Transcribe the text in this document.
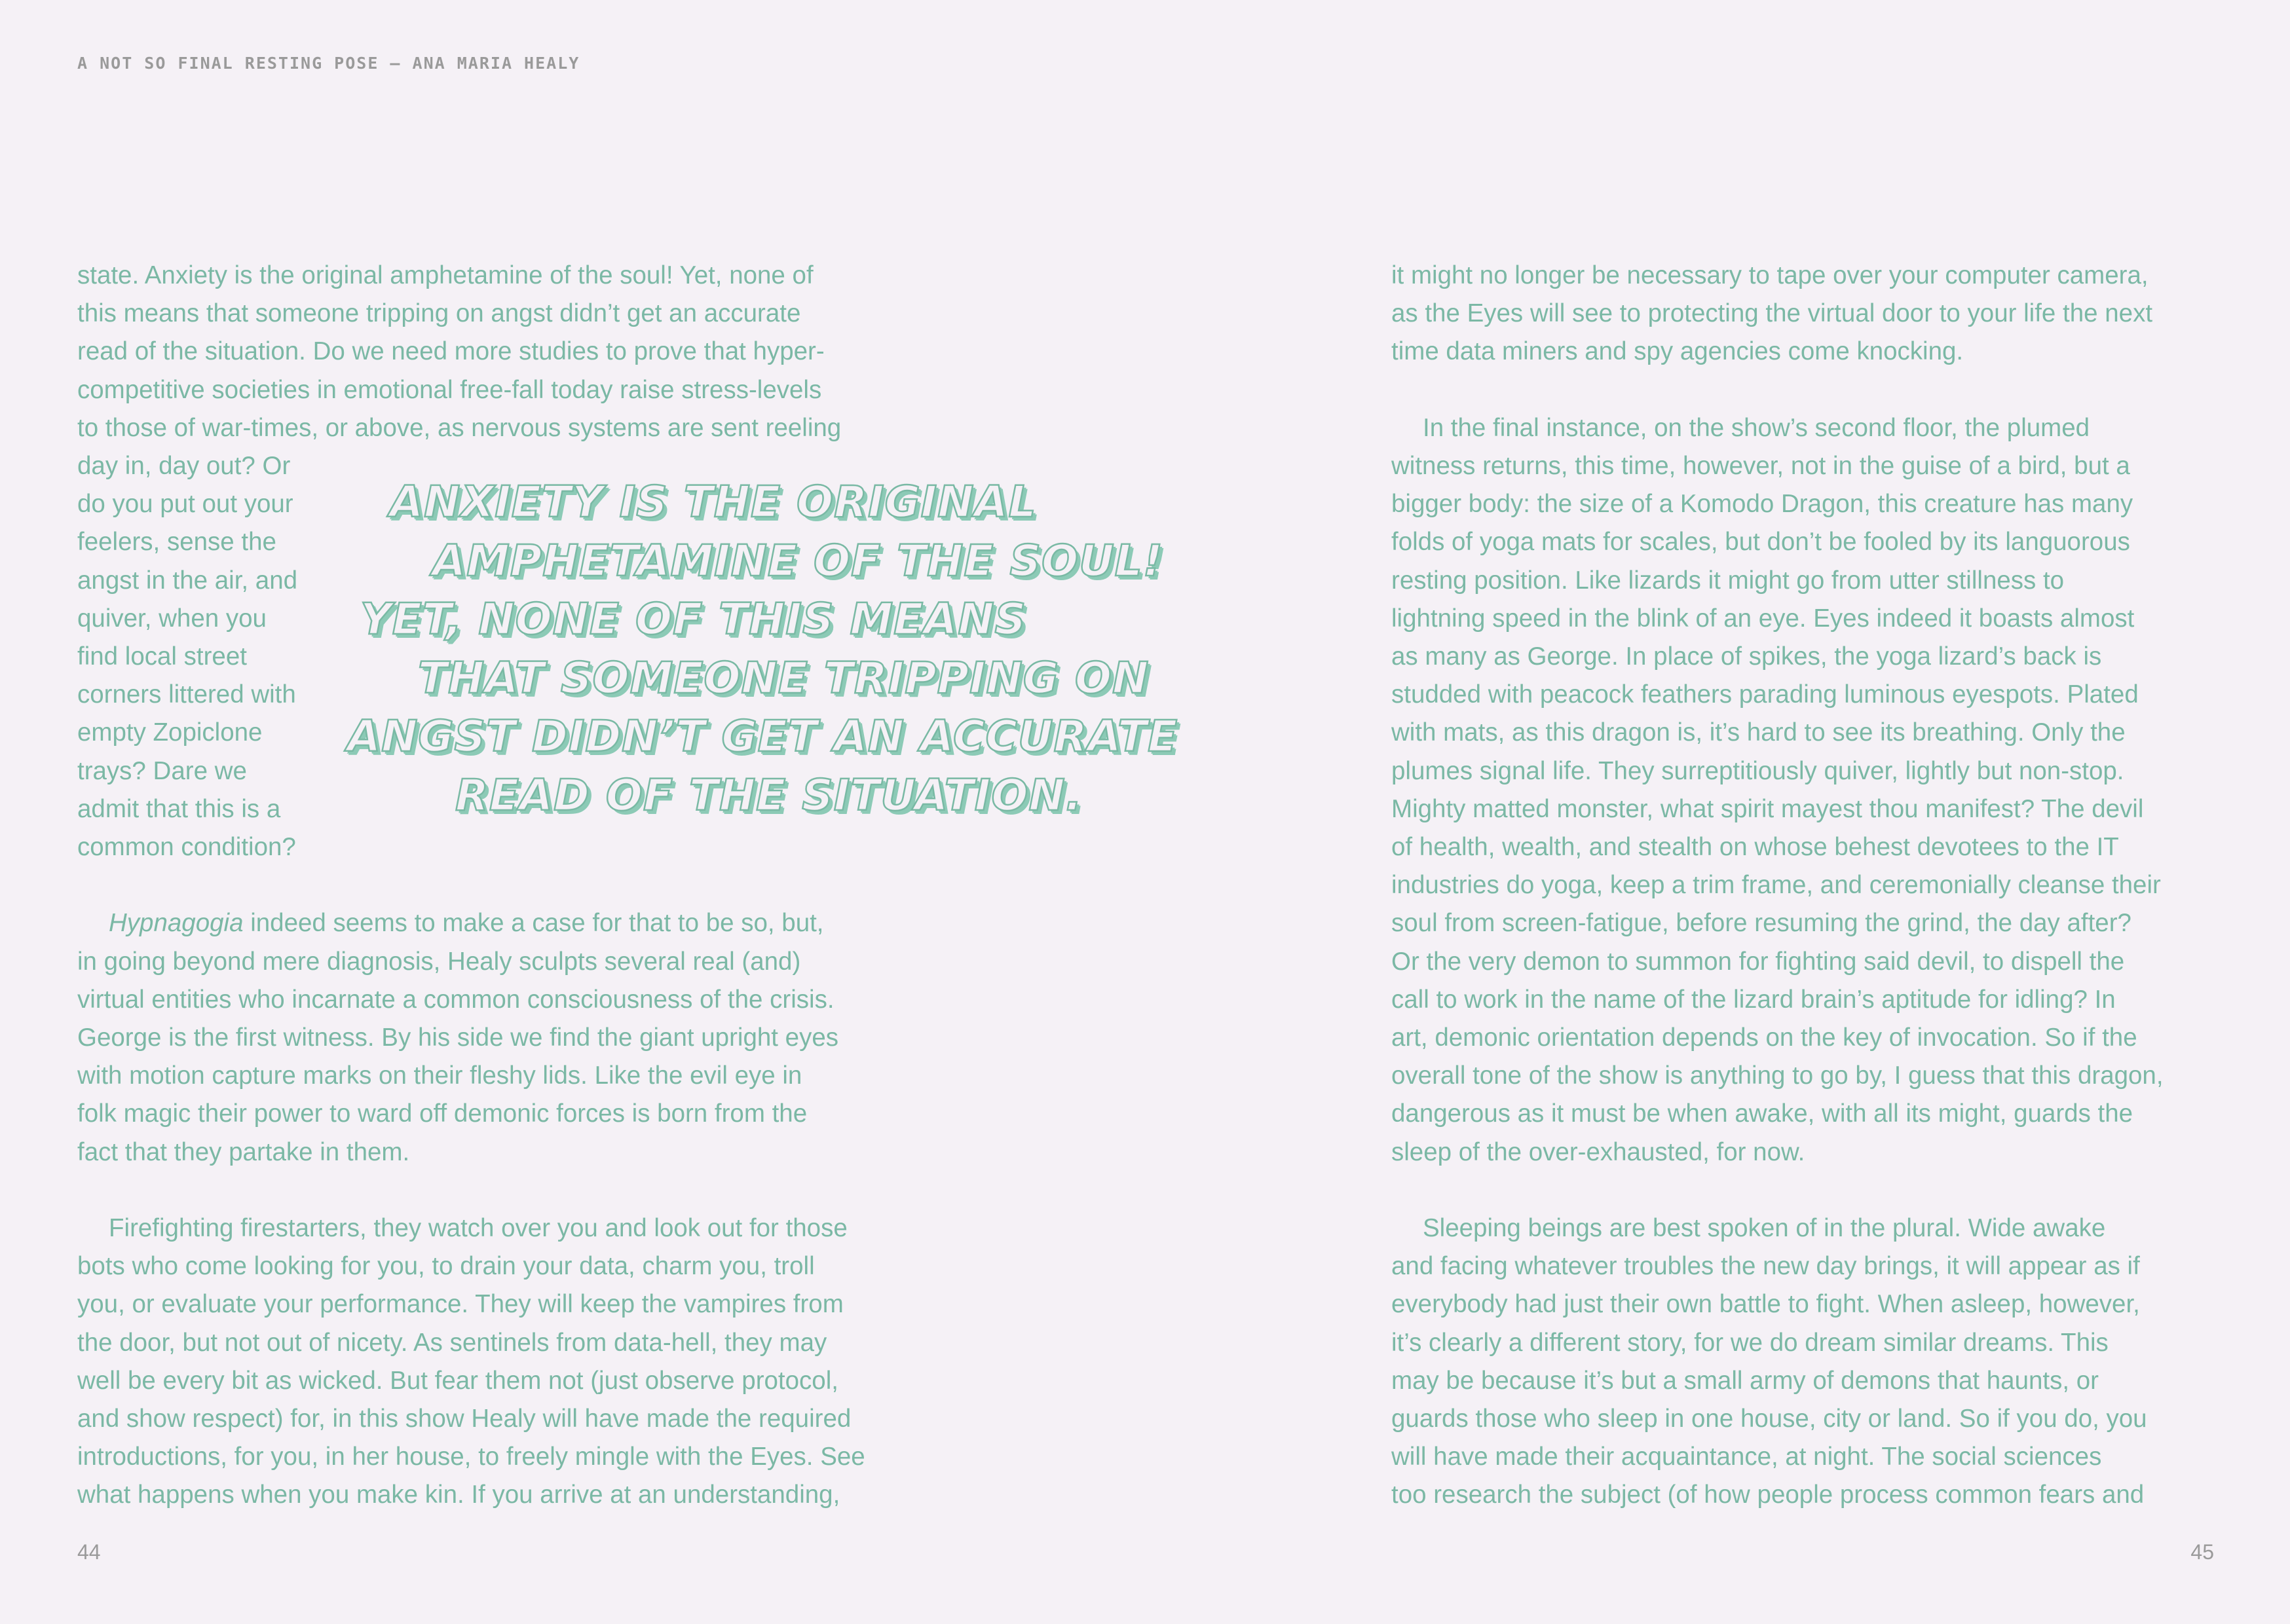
A NOT SO FINAL RESTING POSE – ANA MARIA HEALY
state. Anxiety is the original amphetamine of the soul! Yet, none of
this means that someone tripping on angst didn’t get an accurate
read of the situation. Do we need more studies to prove that hyper-
competitive societies in emotional free-fall today raise stress-levels
to those of war-times, or above, as nervous systems are sent reeling
day in, day out? Or
do you put out your
feelers, sense the
angst in the air, and
quiver, when you
find local street
corners littered with
empty Zopiclone
trays? Dare we
admit that this is a
common condition?
Hypnagogia indeed seems to make a case for that to be so, but,
in going beyond mere diagnosis, Healy sculpts several real (and)
virtual entities who incarnate a common consciousness of the crisis.
George is the first witness. By his side we find the giant upright eyes
with motion capture marks on their fleshy lids. Like the evil eye in
folk magic their power to ward off demonic forces is born from the
fact that they partake in them.
Firefighting firestarters, they watch over you and look out for those
bots who come looking for you, to drain your data, charm you, troll
you, or evaluate your performance. They will keep the vampires from
the door, but not out of nicety. As sentinels from data-hell, they may
well be every bit as wicked. But fear them not (just observe protocol,
and show respect) for, in this show Healy will have made the required
introductions, for you, in her house, to freely mingle with the Eyes. See
what happens when you make kin. If you arrive at an understanding,
ANXIETY IS THE ORIGINAL
AMPHETAMINE OF THE SOUL!
YET, NONE OF THIS MEANS
THAT SOMEONE TRIPPING ON
ANGST DIDN’T GET AN ACCURATE
READ OF THE SITUATION.
it might no longer be necessary to tape over your computer camera,
as the Eyes will see to protecting the virtual door to your life the next
time data miners and spy agencies come knocking.
In the final instance, on the show’s second floor, the plumed
witness returns, this time, however, not in the guise of a bird, but a
bigger body: the size of a Komodo Dragon, this creature has many
folds of yoga mats for scales, but don’t be fooled by its languorous
resting position. Like lizards it might go from utter stillness to
lightning speed in the blink of an eye. Eyes indeed it boasts almost
as many as George. In place of spikes, the yoga lizard’s back is
studded with peacock feathers parading luminous eyespots. Plated
with mats, as this dragon is, it’s hard to see its breathing. Only the
plumes signal life. They surreptitiously quiver, lightly but non-stop.
Mighty matted monster, what spirit mayest thou manifest? The devil
of health, wealth, and stealth on whose behest devotees to the IT
industries do yoga, keep a trim frame, and ceremonially cleanse their
soul from screen-fatigue, before resuming the grind, the day after?
Or the very demon to summon for fighting said devil, to dispell the
call to work in the name of the lizard brain’s aptitude for idling? In
art, demonic orientation depends on the key of invocation. So if the
overall tone of the show is anything to go by, I guess that this dragon,
dangerous as it must be when awake, with all its might, guards the
sleep of the over-exhausted, for now.
Sleeping beings are best spoken of in the plural. Wide awake
and facing whatever troubles the new day brings, it will appear as if
everybody had just their own battle to fight. When asleep, however,
it’s clearly a different story, for we do dream similar dreams. This
may be because it’s but a small army of demons that haunts, or
guards those who sleep in one house, city or land. So if you do, you
will have made their acquaintance, at night. The social sciences
too research the subject (of how people process common fears and
44	45
